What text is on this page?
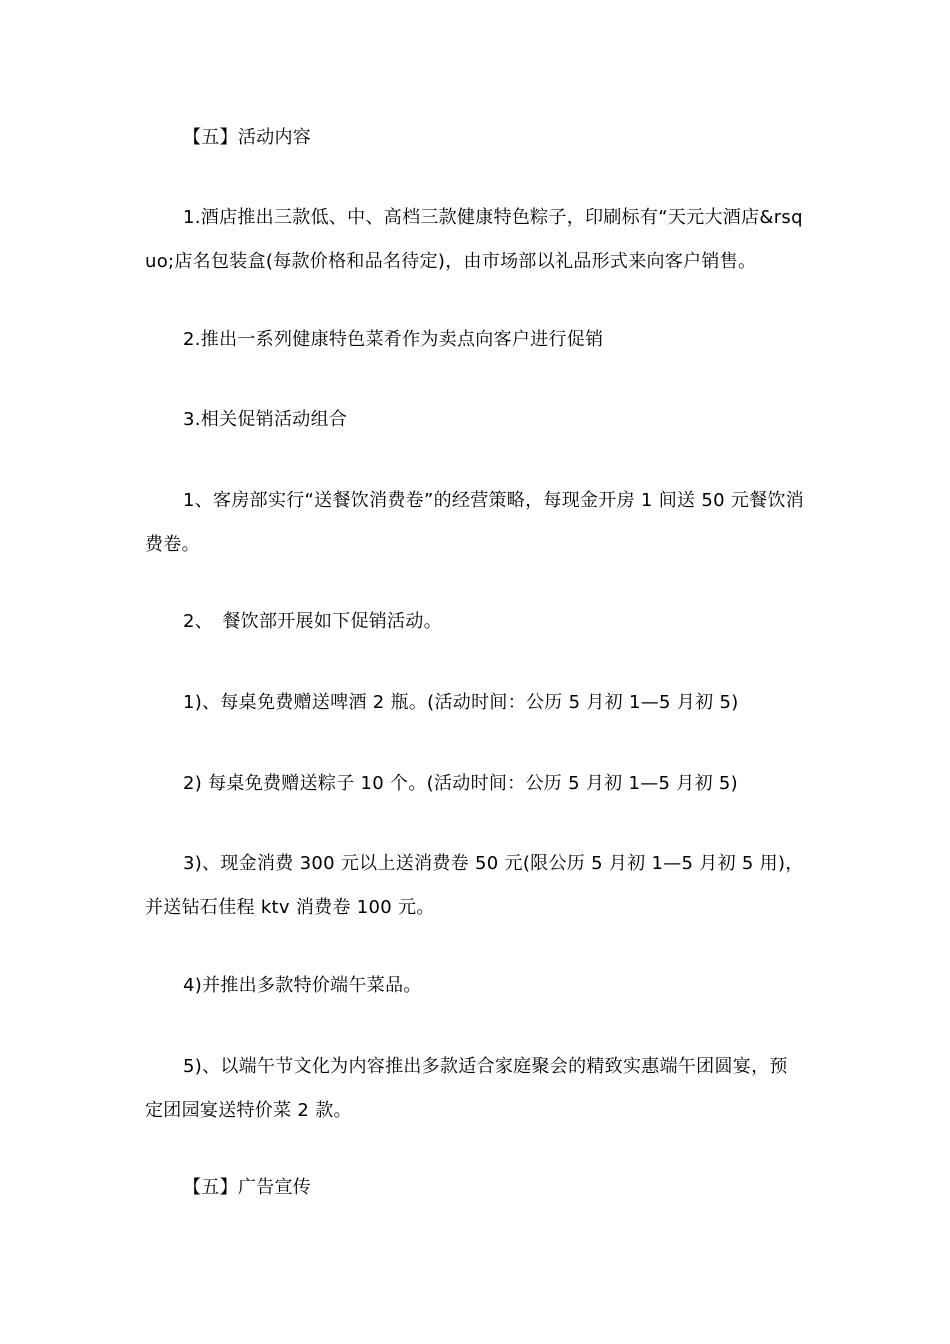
【五】活动内容
1.酒店推出三款低、中、高档三款健康特色粽子，印刷标有“天元大酒店&rsquo;店名包装盒(每款价格和品名待定)，由市场部以礼品形式来向客户销售。
2.推出一系列健康特色菜肴作为卖点向客户进行促销
3.相关促销活动组合
1、客房部实行“送餐饮消费卷”的经营策略，每现金开房 1 间送 50 元餐饮消费卷。
2、　餐饮部开展如下促销活动。
1)、每桌免费赠送啤酒 2 瓶。(活动时间：公历 5 月初 1—5 月初 5)
2) 每桌免费赠送粽子 10 个。(活动时间：公历 5 月初 1—5 月初 5)
3)、现金消费 300 元以上送消费卷 50 元(限公历 5 月初 1—5 月初 5 用)，并送钻石佳程 ktv 消费卷 100 元。
4)并推出多款特价端午菜品。
5)、以端午节文化为内容推出多款适合家庭聚会的精致实惠端午团圆宴，预定团园宴送特价菜 2 款。
【五】广告宣传
